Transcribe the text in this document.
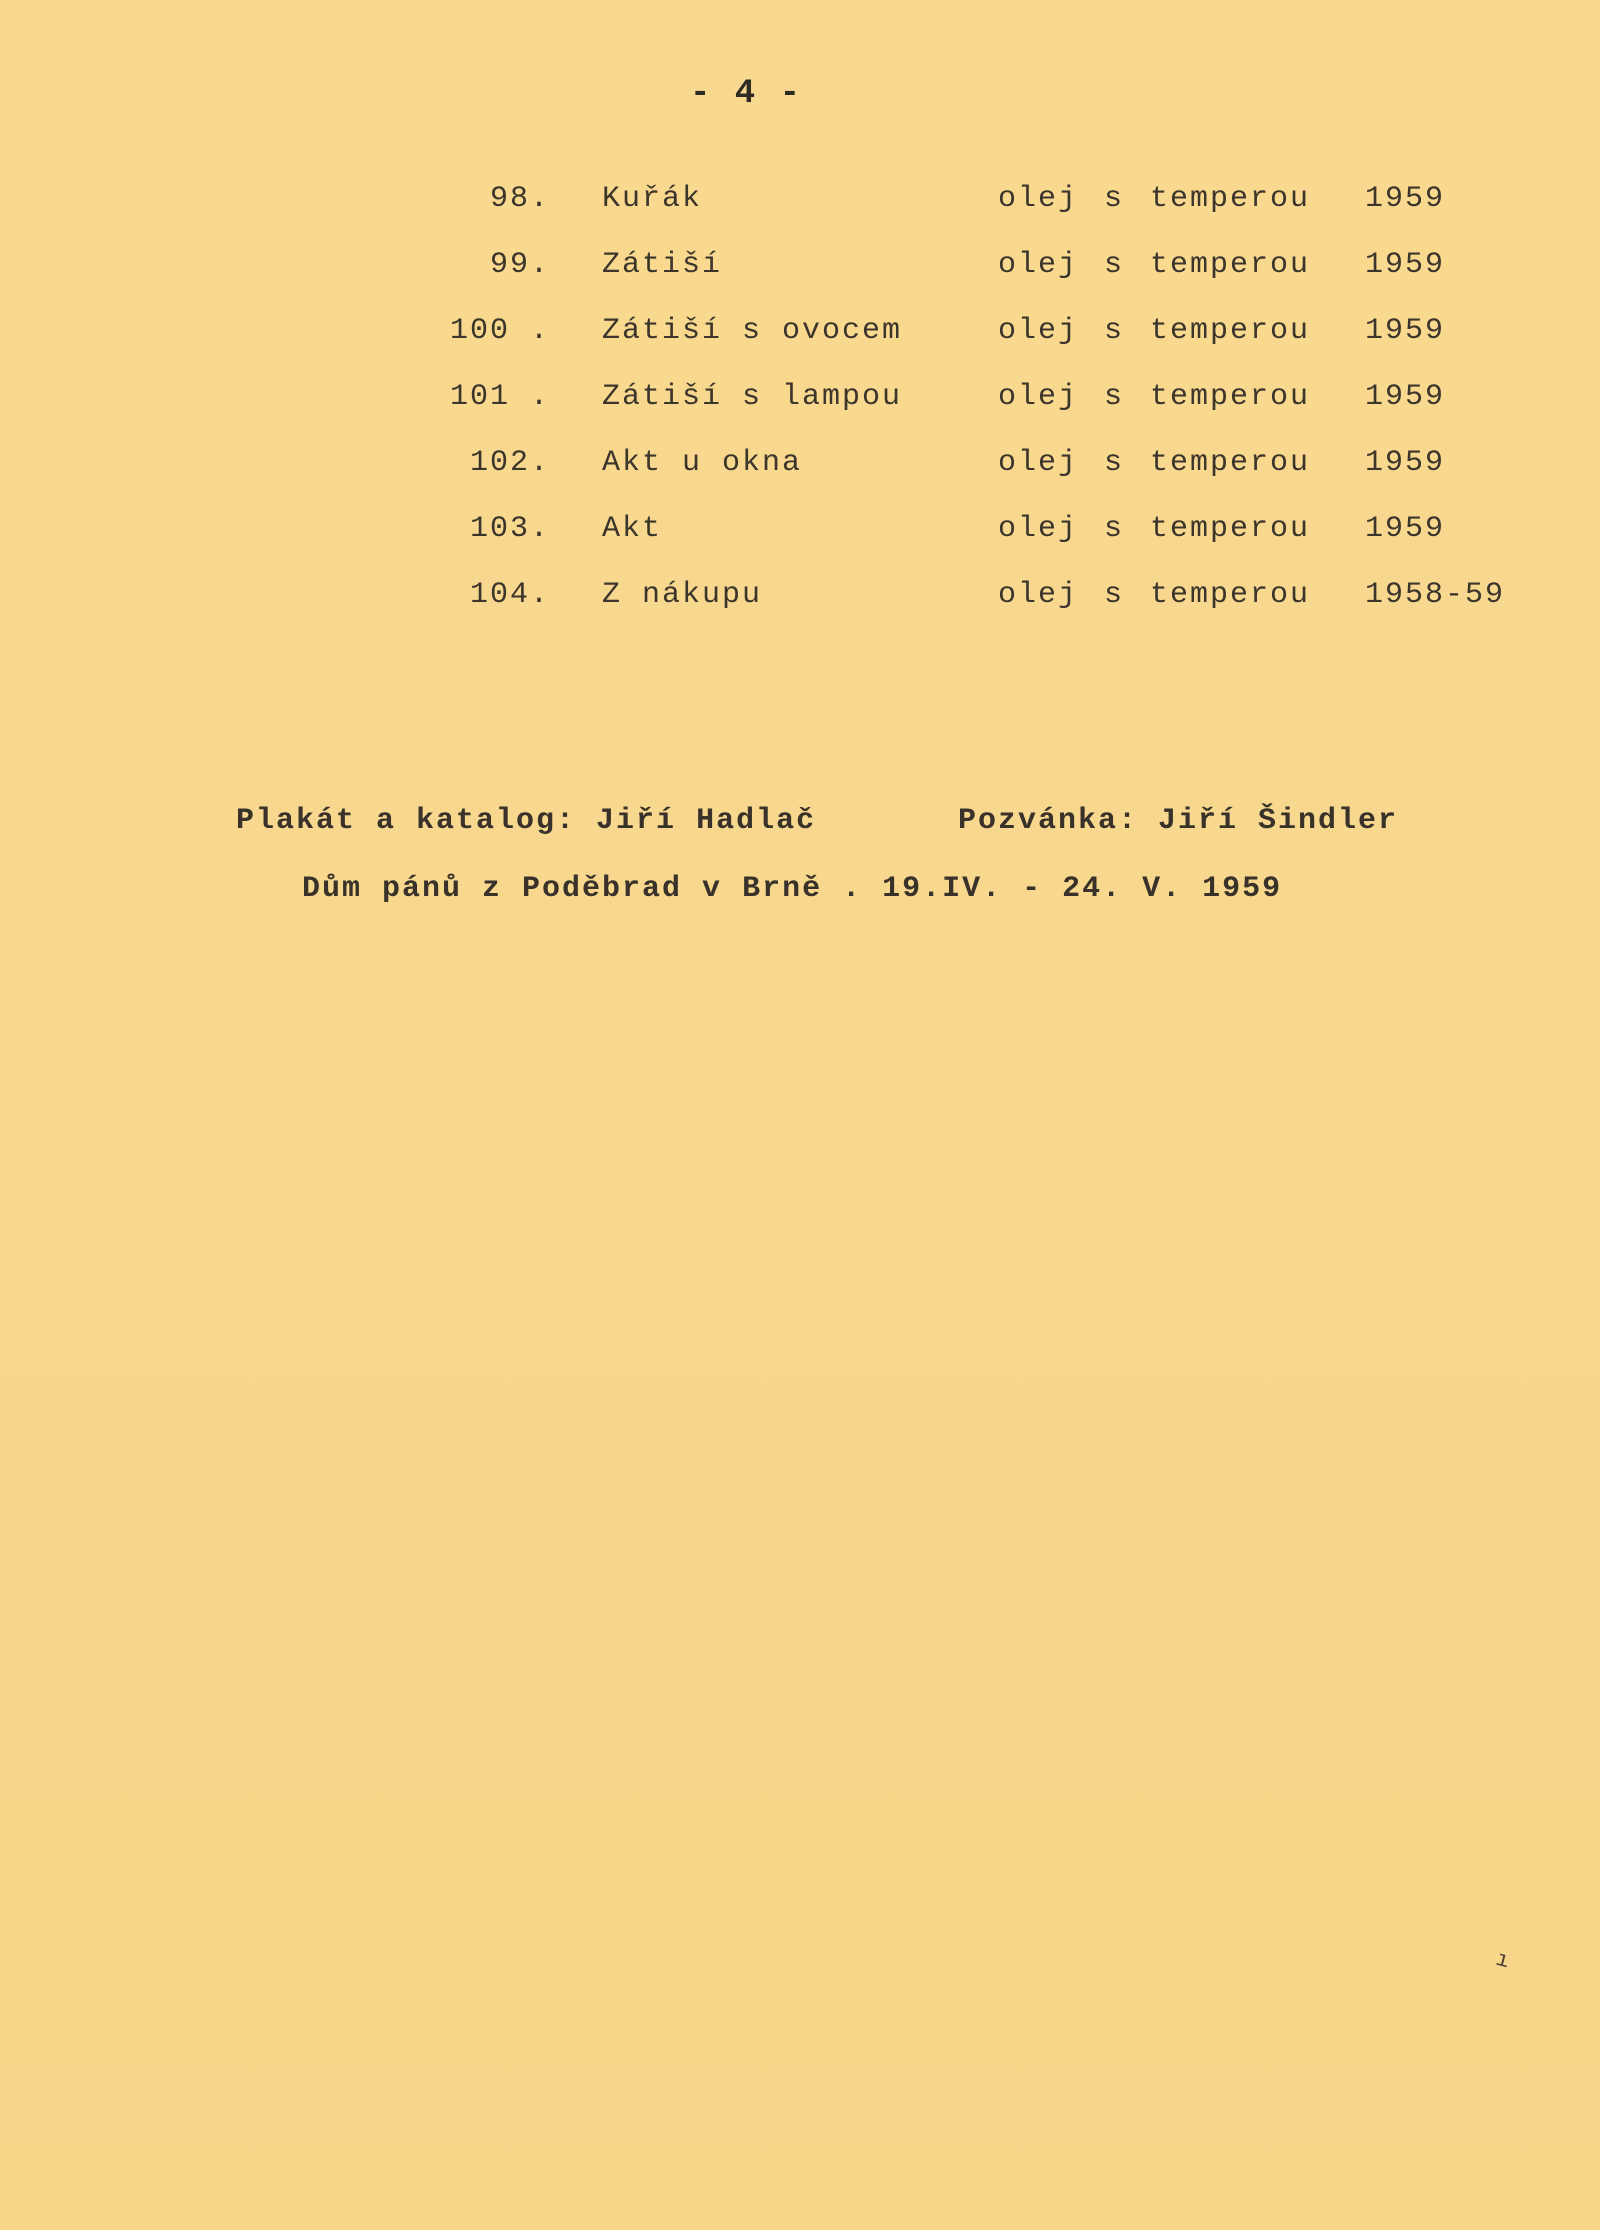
- 4 -
98. Kuřák	olej s temperou 1959
99. Zátiší	olej s temperou 1959
100 . Zátiší s ovocem	olej s temperou 1959
101 . Zátiší s lampou	olej s temperou 1959
102. Akt u okna	olej s temperou 1959
103. Akt	olej s temperou 1959
104. Z nákupu	olej s temperou 1958-59
Plakát a katalog: Jiří Hadlač	Pozvánka: Jiří Šindler
Dům pánů z Poděbrad v Brně . 19.IV. - 24. V. 1959
ı
